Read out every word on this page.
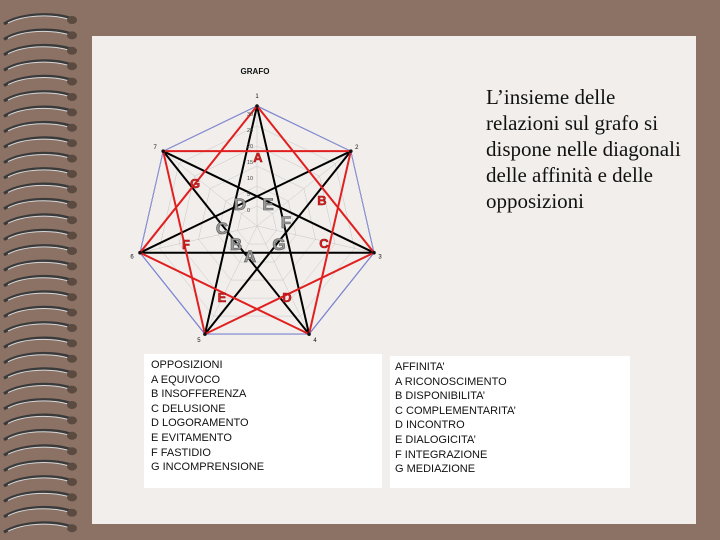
GRAFO
1
2
3
4
5
6
7
30
25
20
15
10
5
0
A
B
C
D
E
F
G
D E
F
G
A
B
C
L’insieme delle relazioni sul grafo si dispone nelle diagonali delle affinità e delle opposizioni
OPPOSIZIONI
A EQUIVOCO
B INSOFFERENZA
C DELUSIONE
D LOGORAMENTO
E EVITAMENTO
F FASTIDIO
G INCOMPRENSIONE
AFFINITA’
A RICONOSCIMENTO
B DISPONIBILITA’
C COMPLEMENTARITA’
D INCONTRO
E DIALOGICITA’
F INTEGRAZIONE
G MEDIAZIONE
